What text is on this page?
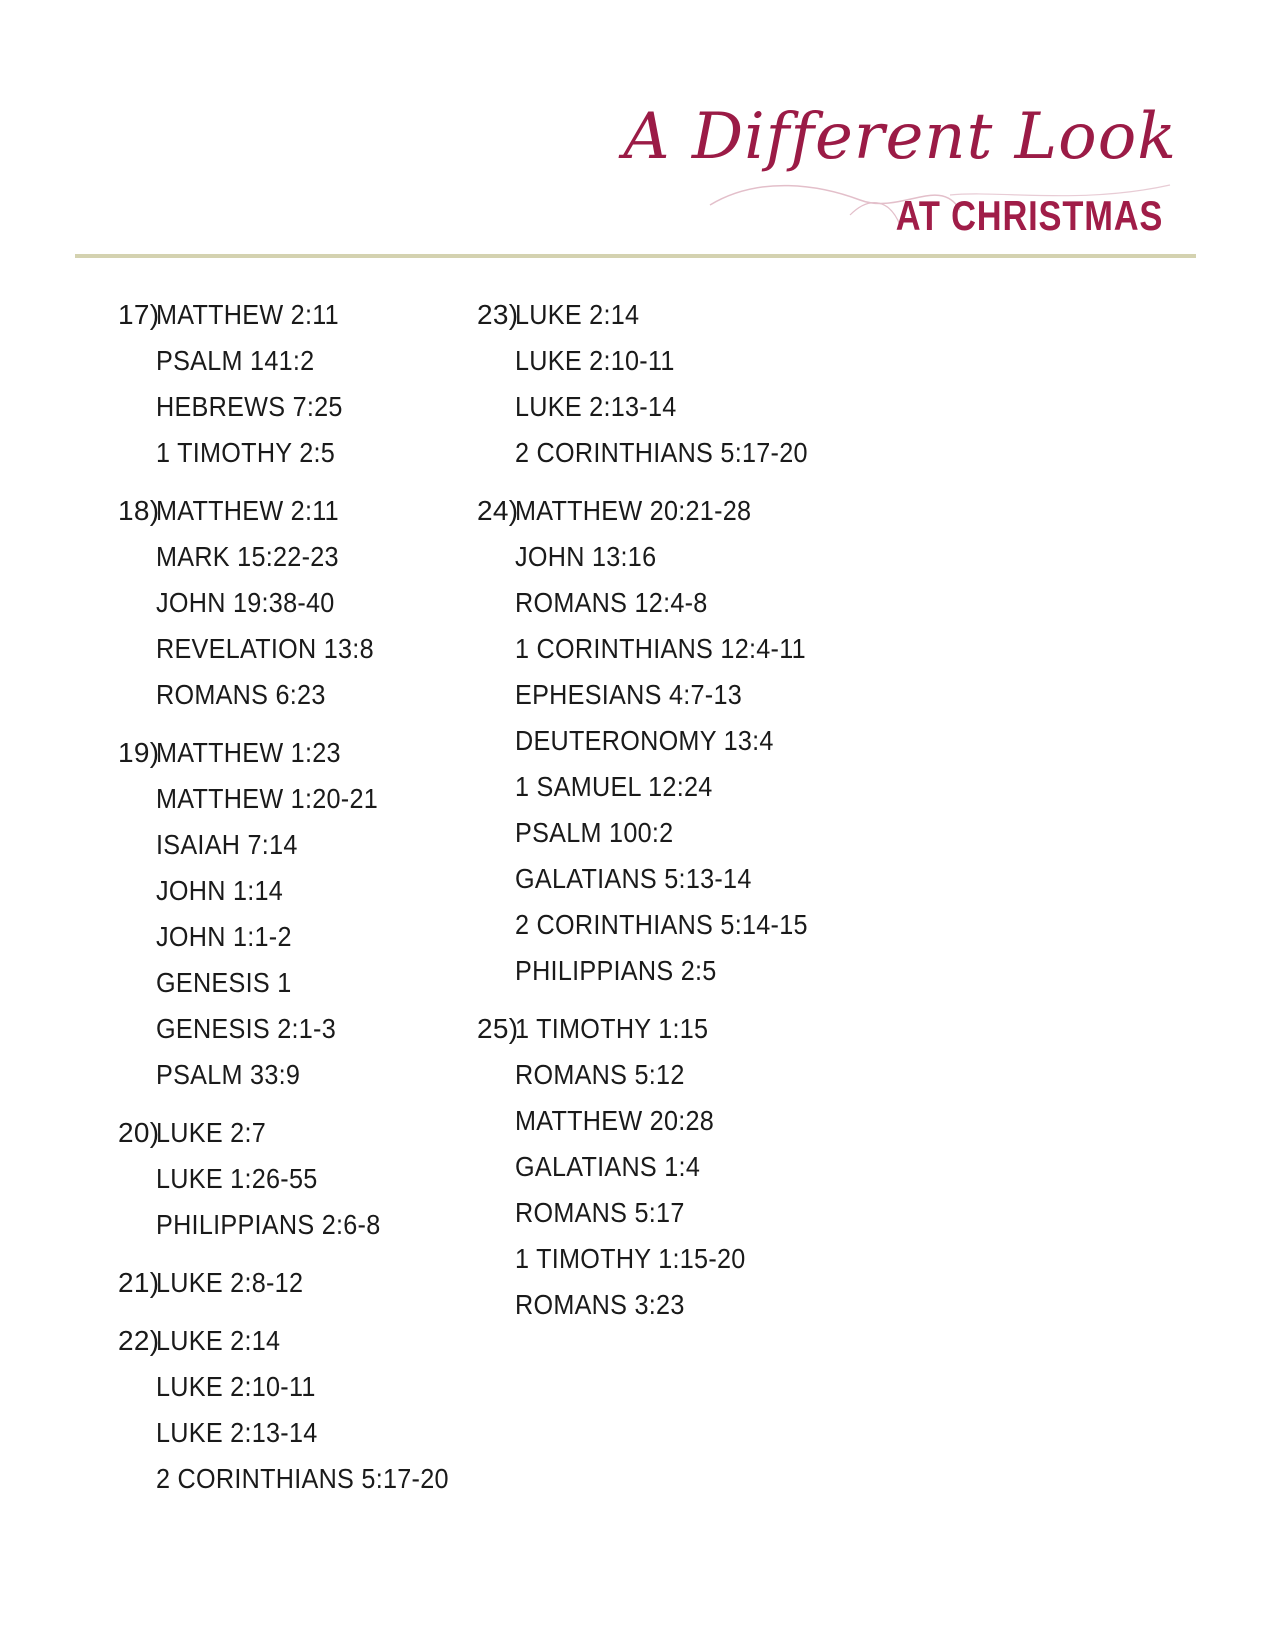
A Different Look
AT CHRISTMAS
17)
MATTHEW 2:11
PSALM 141:2
HEBREWS 7:25
1 TIMOTHY 2:5
18)
MATTHEW 2:11
MARK 15:22-23
JOHN 19:38-40
REVELATION 13:8
ROMANS 6:23
19)
MATTHEW 1:23
MATTHEW 1:20-21
ISAIAH 7:14
JOHN 1:14
JOHN 1:1-2
GENESIS 1
GENESIS 2:1-3
PSALM 33:9
20)
LUKE 2:7
LUKE 1:26-55
PHILIPPIANS 2:6-8
21)
LUKE 2:8-12
22)
LUKE 2:14
LUKE 2:10-11
LUKE 2:13-14
2 CORINTHIANS 5:17-20
23)
LUKE 2:14
LUKE 2:10-11
LUKE 2:13-14
2 CORINTHIANS 5:17-20
24)
MATTHEW 20:21-28
JOHN 13:16
ROMANS 12:4-8
1 CORINTHIANS 12:4-11
EPHESIANS 4:7-13
DEUTERONOMY 13:4
1 SAMUEL 12:24
PSALM 100:2
GALATIANS 5:13-14
2 CORINTHIANS 5:14-15
PHILIPPIANS 2:5
25)
1 TIMOTHY 1:15
ROMANS 5:12
MATTHEW 20:28
GALATIANS 1:4
ROMANS 5:17
1 TIMOTHY 1:15-20
ROMANS 3:23
